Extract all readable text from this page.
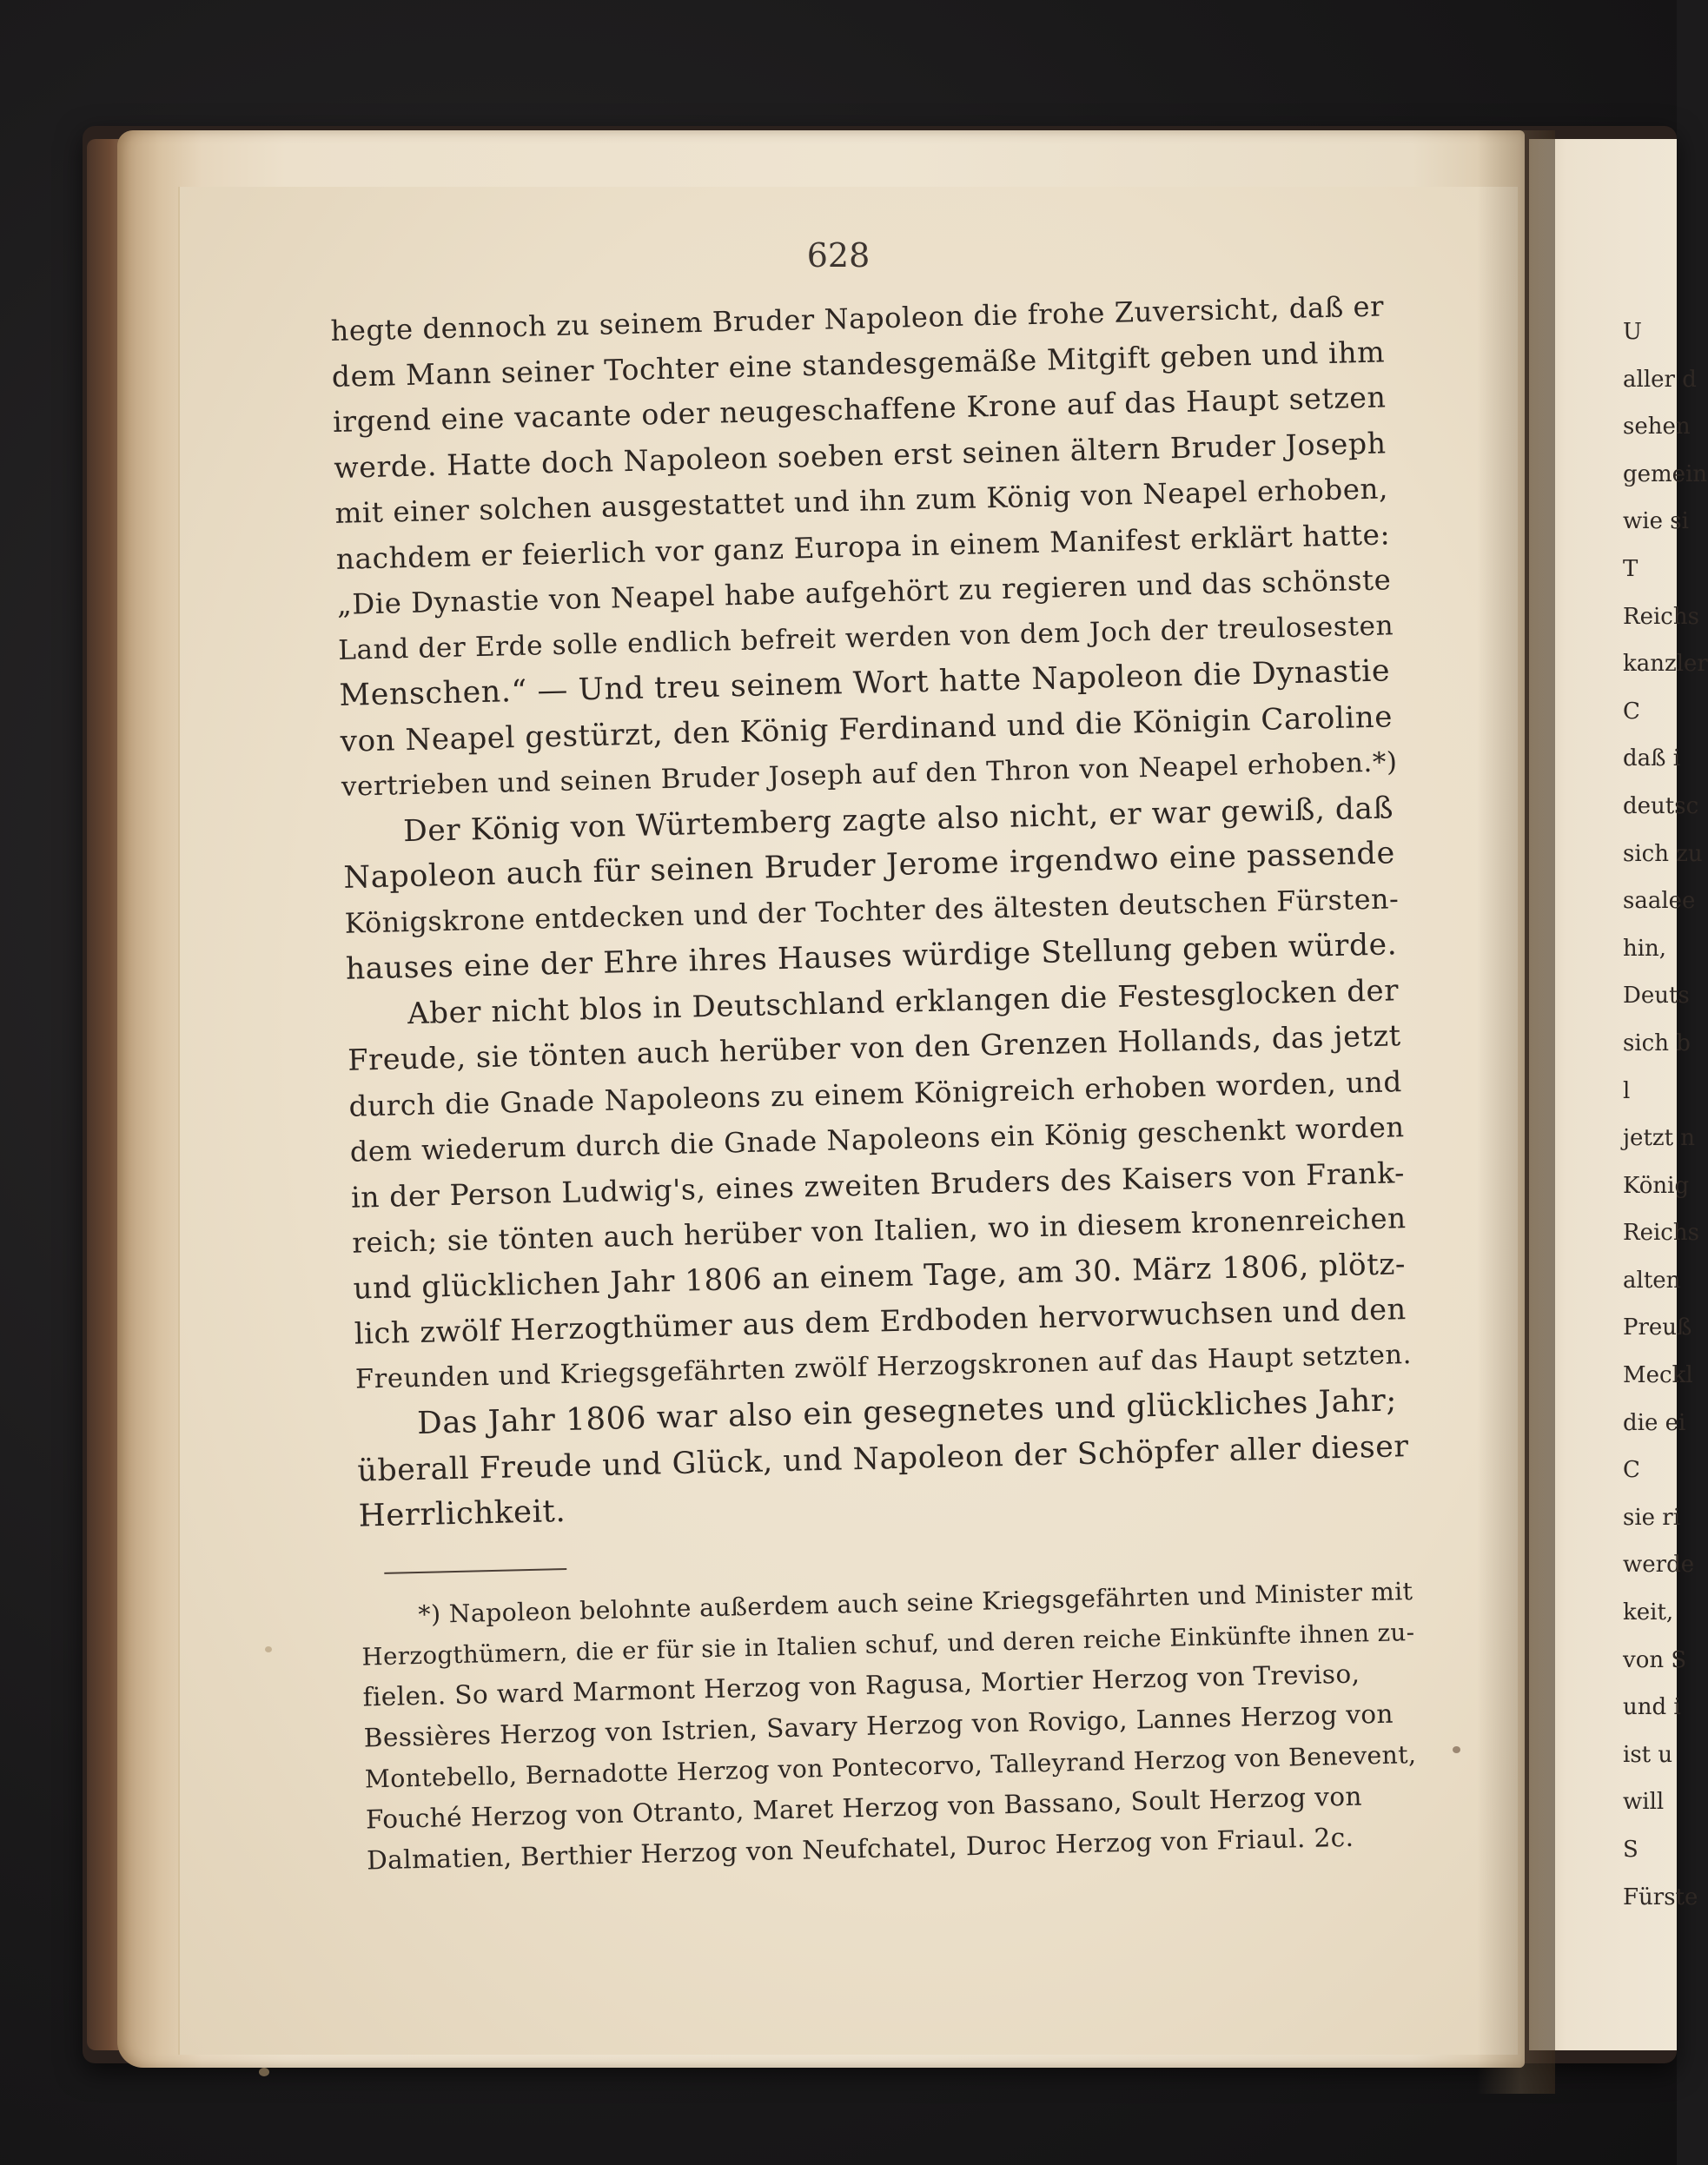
628
hegte dennoch zu seinem Bruder Napoleon die frohe Zuversicht, daß er
dem Mann seiner Tochter eine standesgemäße Mitgift geben und ihm
irgend eine vacante oder neugeschaffene Krone auf das Haupt setzen
werde. Hatte doch Napoleon soeben erst seinen ältern Bruder Joseph
mit einer solchen ausgestattet und ihn zum König von Neapel erhoben,
nachdem er feierlich vor ganz Europa in einem Manifest erklärt hatte:
„Die Dynastie von Neapel habe aufgehört zu regieren und das schönste
Land der Erde solle endlich befreit werden von dem Joch der treulosesten
Menschen.“ — Und treu seinem Wort hatte Napoleon die Dynastie
von Neapel gestürzt, den König Ferdinand und die Königin Caroline
vertrieben und seinen Bruder Joseph auf den Thron von Neapel erhoben.*)
Der König von Würtemberg zagte also nicht, er war gewiß, daß
Napoleon auch für seinen Bruder Jerome irgendwo eine passende
Königskrone entdecken und der Tochter des ältesten deutschen Fürsten-
hauses eine der Ehre ihres Hauses würdige Stellung geben würde.
Aber nicht blos in Deutschland erklangen die Festesglocken der
Freude, sie tönten auch herüber von den Grenzen Hollands, das jetzt
durch die Gnade Napoleons zu einem Königreich erhoben worden, und
dem wiederum durch die Gnade Napoleons ein König geschenkt worden
in der Person Ludwig's, eines zweiten Bruders des Kaisers von Frank-
reich; sie tönten auch herüber von Italien, wo in diesem kronenreichen
und glücklichen Jahr 1806 an einem Tage, am 30. März 1806, plötz-
lich zwölf Herzogthümer aus dem Erdboden hervorwuchsen und den
Freunden und Kriegsgefährten zwölf Herzogskronen auf das Haupt setzten.
Das Jahr 1806 war also ein gesegnetes und glückliches Jahr;
überall Freude und Glück, und Napoleon der Schöpfer aller dieser
Herrlichkeit.
*) Napoleon belohnte außerdem auch seine Kriegsgefährten und Minister mit
Herzogthümern, die er für sie in Italien schuf, und deren reiche Einkünfte ihnen zu-
fielen. So ward Marmont Herzog von Ragusa, Mortier Herzog von Treviso,
Bessières Herzog von Istrien, Savary Herzog von Rovigo, Lannes Herzog von
Montebello, Bernadotte Herzog von Pontecorvo, Talleyrand Herzog von Benevent,
Fouché Herzog von Otranto, Maret Herzog von Bassano, Soult Herzog von
Dalmatien, Berthier Herzog von Neufchatel, Duroc Herzog von Friaul. 2c.
U
aller d
sehen
gemein
wie si
T
Reichs
kanzler
C
daß i
deutsc
sich zu
saalee
hin,
Deuts
sich b
l
jetzt n
König
Reichs
alten
Preuß
Meckl
die ei
C
sie ri
werde
keit,
von S
und i
ist u
will
S
Fürste
